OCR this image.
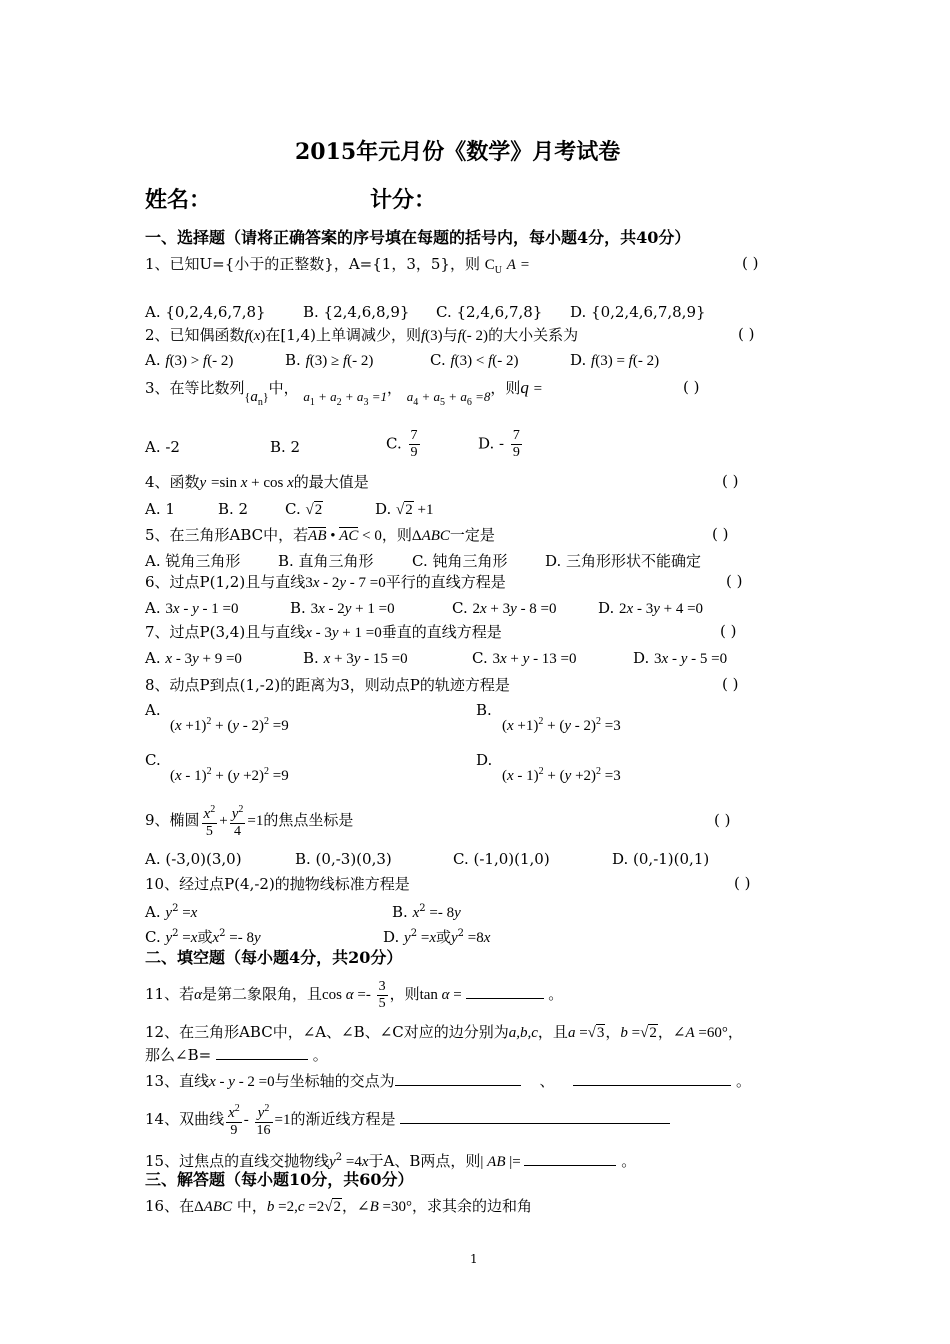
2015年元月份《数学》月考试卷
姓名：	计分：
一、选择题（请将正确答案的序号填在每题的括号内，每小题4分，共40分）
1、已知U={小于的正整数}，A={1，3，5}，则 $C_U$ A =	( )
A. {0,2,4,6,7,8} B. {2,4,6,8,9} C. {2,4,6,7,8} D. {0,2,4,6,7,8,9}
2、已知偶函数f(x)在[1,4)上单调减少，则f(3)与f(- 2)的大小关系为	( )
A. f(3) > f(- 2)	B. f(3) ≥ f(- 2)	C. f(3) < f(- 2)	D. f(3) = f(- 2)
3、在等比数列$_{\{a_n\}}$中， $a_1 + a_2 + a_3 =1$， $a_4 + a_5 + a_6 =8$，则q =	( )
A. -2	B. 2	C. $\frac{7}{9}$	D. - $\frac{7}{9}$
4、函数y =sin x + cos x的最大值是	( )
A. 1	B. 2 C. √2	D. √2 +1
5、在三角形ABC中，若AB • AC < 0，则ΔABC一定是	( )
A. 锐角三角形	B. 直角三角形	C. 钝角三角形	D. 三角形形状不能确定
6、过点P(1,2)且与直线3x - 2y - 7 =0平行的直线方程是	( )
A. 3x - y - 1 =0	B. 3x - 2y + 1 =0	C. 2x + 3y - 8 =0	D. 2x - 3y + 4 =0
7、过点P(3,4)且与直线x - 3y + 1 =0垂直的直线方程是	( )
A. x - 3y + 9 =0	B. x + 3y - 15 =0	C. 3x + y - 13 =0	D. 3x - y - 5 =0
8、动点P到点(1,-2)的距离为3，则动点P的轨迹方程是	( )
A.
$(x +1)^2 + (y - 2)^2 =9$
B.
$(x +1)^2 + (y - 2)^2 =3$
C.
$(x - 1)^2 + (y +2)^2 =9$
D.
$(x - 1)^2 + (y +2)^2 =3$
9、椭圆 $\frac{x^2}{5} + \frac{y^2}{4} =1$的焦点坐标是	( )
A. (-3,0)(3,0)	B. (0,-3)(0,3)	C. (-1,0)(1,0)	D. (0,-1)(0,1)
10、经过点P(4,-2)的抛物线标准方程是	( )
A. $y^2 =x$	B. $x^2 =- 8y$
C. $y^2 =x$或$x^2 =- 8y$	D. $y^2 =x$或$y^2 =8x$
二、填空题（每小题4分，共20分）
11、若α是第二象限角，且$\cos \alpha =- \frac{3}{5}$ ，则tan α =	。
12、在三角形ABC中，∠A、∠B、∠C对应的边分别为a,b,c，且a =√3，b =√2，∠A =60°，
那么∠B=	。
13、直线x - y - 2 =0与坐标轴的交点为	、	。
14、双曲线 $\frac{x^2}{9} - \frac{y^2}{16} =1$的渐近线方程是
15、过焦点的直线交抛物线$y^2 =4x$于A、B两点，则| AB |=	。
三、解答题（每小题10分，共60分）
16、在ΔABC 中，b =2,c =2√2，∠B =30°，求其余的边和角
1
